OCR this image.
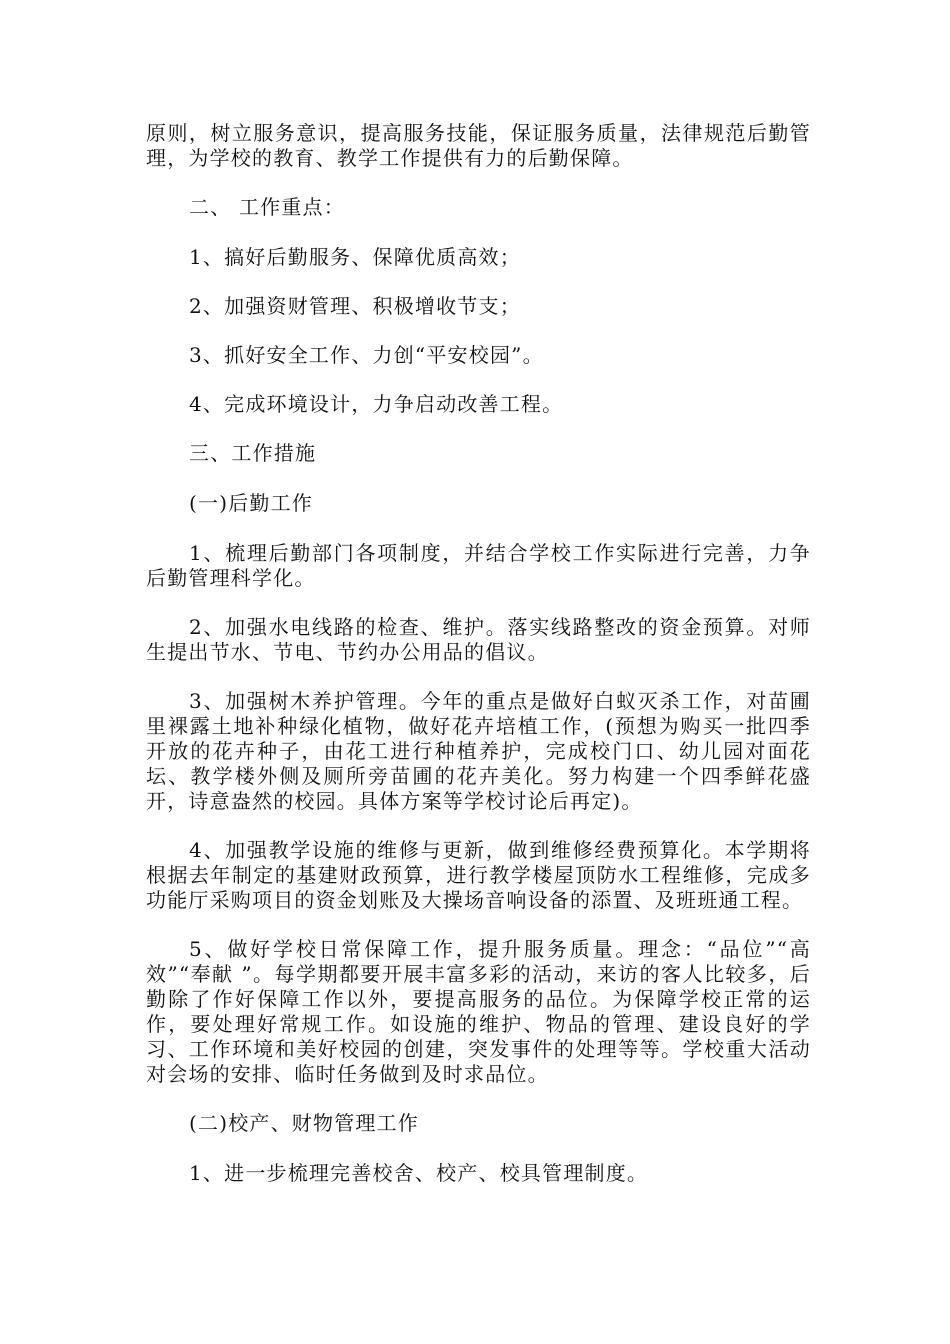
原则，树立服务意识，提高服务技能，保证服务质量，法律规范后勤管理，为学校的教育、教学工作提供有力的后勤保障。

二、 工作重点：

1、搞好后勤服务、保障优质高效；

2、加强资财管理、积极增收节支；

3、抓好安全工作、力创“平安校园”。

4、完成环境设计，力争启动改善工程。

三、工作措施

(一)后勤工作

1、梳理后勤部门各项制度，并结合学校工作实际进行完善，力争后勤管理科学化。

2、加强水电线路的检查、维护。落实线路整改的资金预算。对师生提出节水、节电、节约办公用品的倡议。

3、加强树木养护管理。今年的重点是做好白蚁灭杀工作，对苗圃里裸露土地补种绿化植物，做好花卉培植工作，(预想为购买一批四季开放的花卉种子，由花工进行种植养护，完成校门口、幼儿园对面花坛、教学楼外侧及厕所旁苗圃的花卉美化。努力构建一个四季鲜花盛开，诗意盎然的校园。具体方案等学校讨论后再定)。

4、加强教学设施的维修与更新，做到维修经费预算化。本学期将根据去年制定的基建财政预算，进行教学楼屋顶防水工程维修，完成多功能厅采购项目的资金划账及大操场音响设备的添置、及班班通工程。

5、做好学校日常保障工作，提升服务质量。理念：“品位”“高效”“奉献 ”。每学期都要开展丰富多彩的活动，来访的客人比较多，后勤除了作好保障工作以外，要提高服务的品位。为保障学校正常的运作，要处理好常规工作。如设施的维护、物品的管理、建设良好的学习、工作环境和美好校园的创建，突发事件的处理等等。学校重大活动对会场的安排、临时任务做到及时求品位。

(二)校产、财物管理工作

1、进一步梳理完善校舍、校产、校具管理制度。
